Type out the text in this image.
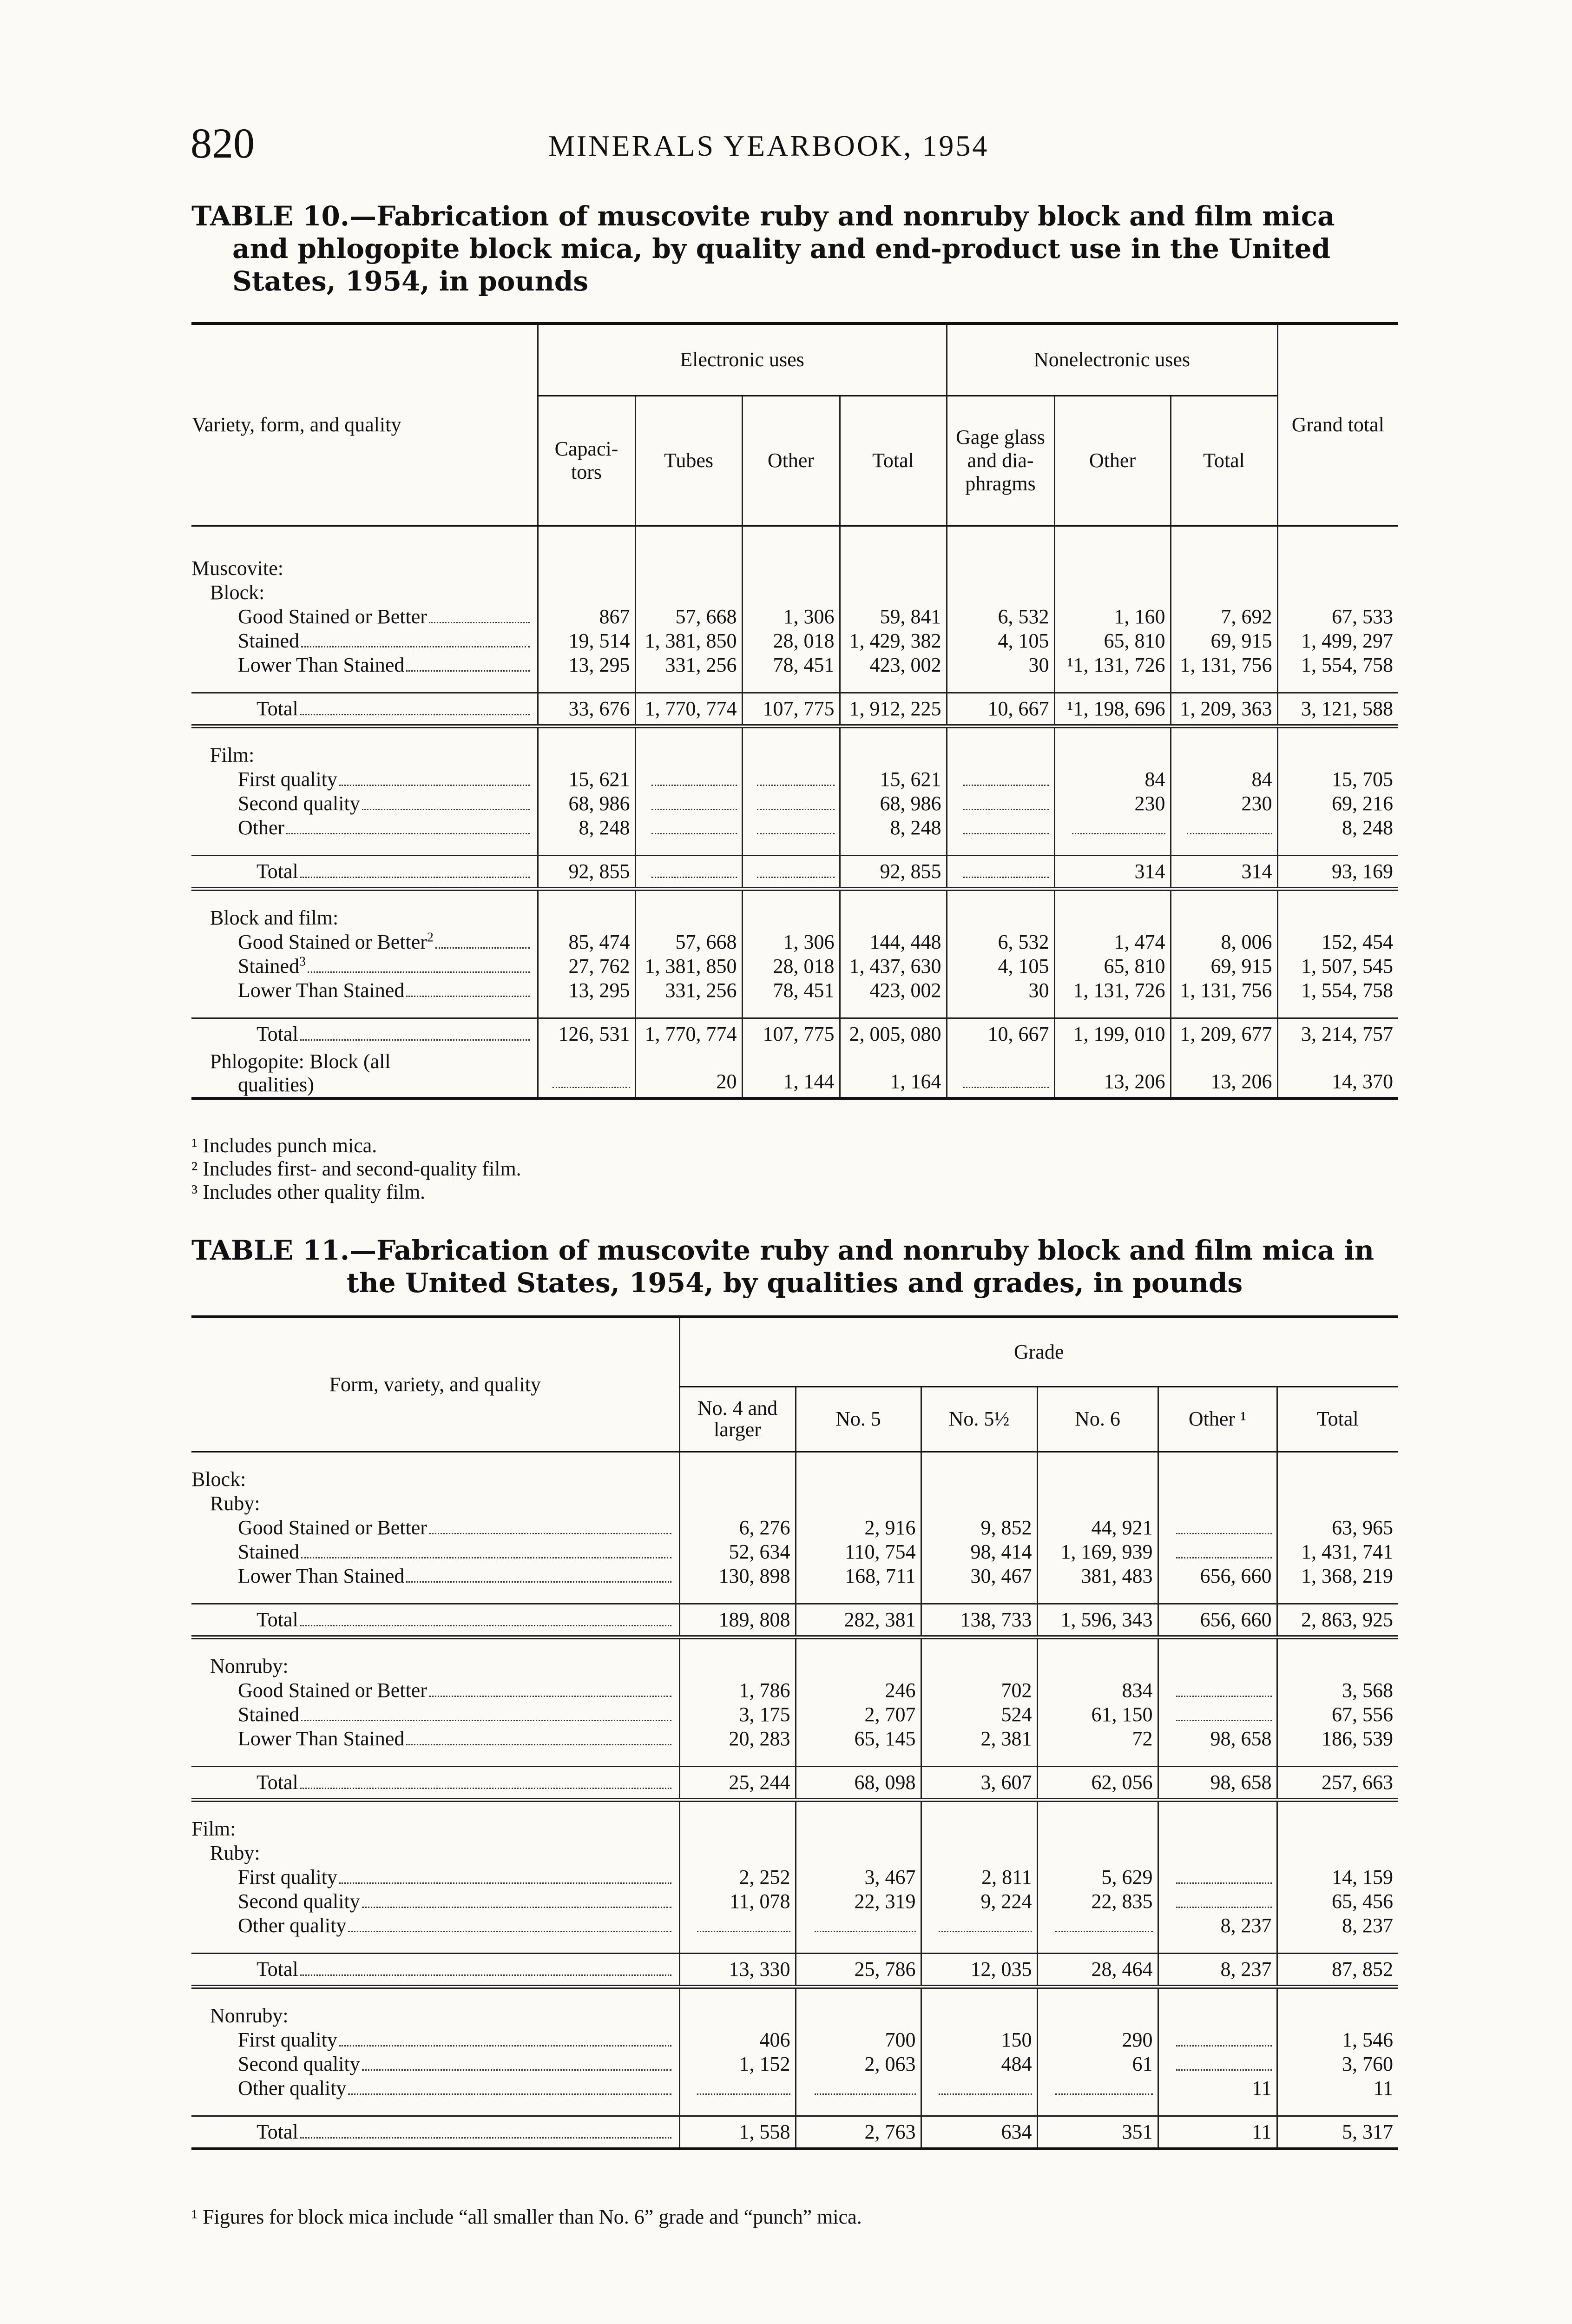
820	MINERALS YEARBOOK, 1954
TABLE 10.—Fabrication of muscovite ruby and nonruby block and film mica
and phlogopite block mica, by quality and end-product use in the United
States, 1954, in pounds
Variety, form, and quality	Electronic uses				Nonelectronic uses			Grand total
	Capaci- tors	Tubes	Other	Total	Gage glass and dia- phragms	Other	Total	

Muscovite:								
Block:								
Good Stained or Better	867	57, 668	1, 306	59, 841	6, 532	1, 160	7, 692	67, 533
Stained	19, 514	1, 381, 850	28, 018	1, 429, 382	4, 105	65, 810	69, 915	1, 499, 297
Lower Than Stained	13, 295	331, 256	78, 451	423, 002	30	¹1, 131, 726	1, 131, 756	1, 554, 758

Total	33, 676	1, 770, 774	107, 775	1, 912, 225	10, 667	¹1, 198, 696	1, 209, 363	3, 121, 588

Film:								
First quality	15, 621			15, 621		84	84	15, 705
Second quality	68, 986			68, 986		230	230	69, 216
Other	8, 248			8, 248				8, 248

Total	92, 855			92, 855		314	314	93, 169

Block and film:								
Good Stained or Better$^2$	85, 474	57, 668	1, 306	144, 448	6, 532	1, 474	8, 006	152, 454
Stained$^3$	27, 762	1, 381, 850	28, 018	1, 437, 630	4, 105	65, 810	69, 915	1, 507, 545
Lower Than Stained	13, 295	331, 256	78, 451	423, 002	30	1, 131, 726	1, 131, 756	1, 554, 758

Total	126, 531	1, 770, 774	107, 775	2, 005, 080	10, 667	1, 199, 010	1, 209, 677	3, 214, 757

Phlogopite: Block (all
qualities)		20	1, 144	1, 164		13, 206	13, 206	14, 370
¹ Includes punch mica.
² Includes first- and second-quality film.
³ Includes other quality film.
TABLE 11.—Fabrication of muscovite ruby and nonruby block and film mica in
the United States, 1954, by qualities and grades, in pounds
Form, variety, and quality	Grade					
	No. 4 and larger	No. 5	No. 5½	No. 6	Other ¹	Total

Block:						
Ruby:						
Good Stained or Better	6, 276	2, 916	9, 852	44, 921		63, 965
Stained	52, 634	110, 754	98, 414	1, 169, 939		1, 431, 741
Lower Than Stained	130, 898	168, 711	30, 467	381, 483	656, 660	1, 368, 219

Total	189, 808	282, 381	138, 733	1, 596, 343	656, 660	2, 863, 925

Nonruby:						
Good Stained or Better	1, 786	246	702	834		3, 568
Stained	3, 175	2, 707	524	61, 150		67, 556
Lower Than Stained	20, 283	65, 145	2, 381	72	98, 658	186, 539

Total	25, 244	68, 098	3, 607	62, 056	98, 658	257, 663

Film:						
Ruby:						
First quality	2, 252	3, 467	2, 811	5, 629		14, 159
Second quality	11, 078	22, 319	9, 224	22, 835		65, 456
Other quality					8, 237	8, 237

Total	13, 330	25, 786	12, 035	28, 464	8, 237	87, 852

Nonruby:						
First quality	406	700	150	290		1, 546
Second quality	1, 152	2, 063	484	61		3, 760
Other quality					11	11

Total	1, 558	2, 763	634	351	11	5, 317
¹ Figures for block mica include “all smaller than No. 6” grade and “punch” mica.
